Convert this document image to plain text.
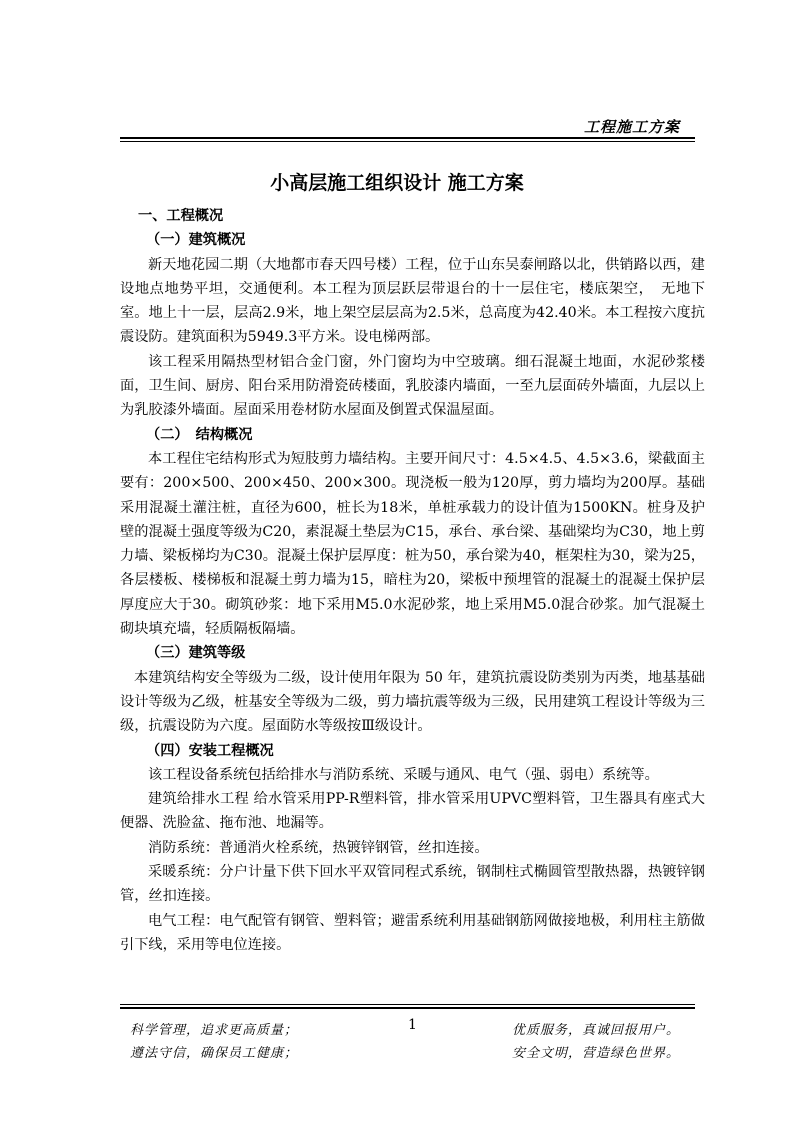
工程施工方案
小高层施工组织设计 施工方案
一、工程概况
（一）建筑概况
新天地花园二期（大地都市春天四号楼）工程，位于山东吴泰闸路以北，供销路以西，建设地点地势平坦，交通便利。本工程为顶层跃层带退台的十一层住宅，楼底架空，　无地下室。地上十一层，层高2.9米，地上架空层层高为2.5米，总高度为42.40米。本工程按六度抗震设防。建筑面积为5949.3平方米。设电梯两部。
该工程采用隔热型材铝合金门窗，外门窗均为中空玻璃。细石混凝土地面，水泥砂浆楼面，卫生间、厨房、阳台采用防滑瓷砖楼面，乳胶漆内墙面，一至九层面砖外墙面，九层以上为乳胶漆外墙面。屋面采用卷材防水屋面及倒置式保温屋面。
（二）　结构概况
本工程住宅结构形式为短肢剪力墙结构。主要开间尺寸：4.5×4.5、4.5×3.6，梁截面主要有：200×500、200×450、200×300。现浇板一般为120厚，剪力墙均为200厚。基础采用混凝土灌注桩，直径为600，桩长为18米，单桩承载力的设计值为1500KN。桩身及护壁的混凝土强度等级为C20，素混凝土垫层为C15，承台、承台梁、基础梁均为C30，地上剪力墙、梁板梯均为C30。混凝土保护层厚度：桩为50，承台梁为40，框架柱为30，梁为25，各层楼板、楼梯板和混凝土剪力墙为15，暗柱为20，梁板中预埋管的混凝土的混凝土保护层厚度应大于30。砌筑砂浆：地下采用M5.0水泥砂浆，地上采用M5.0混合砂浆。加气混凝土砌块填充墙，轻质隔板隔墙。
（三）建筑等级
本建筑结构安全等级为二级，设计使用年限为 50 年，建筑抗震设防类别为丙类，地基基础设计等级为乙级，桩基安全等级为二级，剪力墙抗震等级为三级，民用建筑工程设计等级为三级，抗震设防为六度。屋面防水等级按Ⅲ级设计。
（四）安装工程概况
该工程设备系统包括给排水与消防系统、采暖与通风、电气（强、弱电）系统等。
建筑给排水工程 给水管采用PP-R塑料管，排水管采用UPVC塑料管，卫生器具有座式大便器、洗脸盆、拖布池、地漏等。
消防系统：普通消火栓系统，热镀锌钢管，丝扣连接。
采暖系统：分户计量下供下回水平双管同程式系统，钢制柱式椭圆管型散热器，热镀锌钢管，丝扣连接。
电气工程：电气配管有钢管、塑料管；避雷系统利用基础钢筋网做接地极，利用柱主筋做引下线，采用等电位连接。
科学管理，追求更高质量；
遵法守信，确保员工健康；
1	优质服务，真诚回报用户。
安全文明，营造绿色世界。
